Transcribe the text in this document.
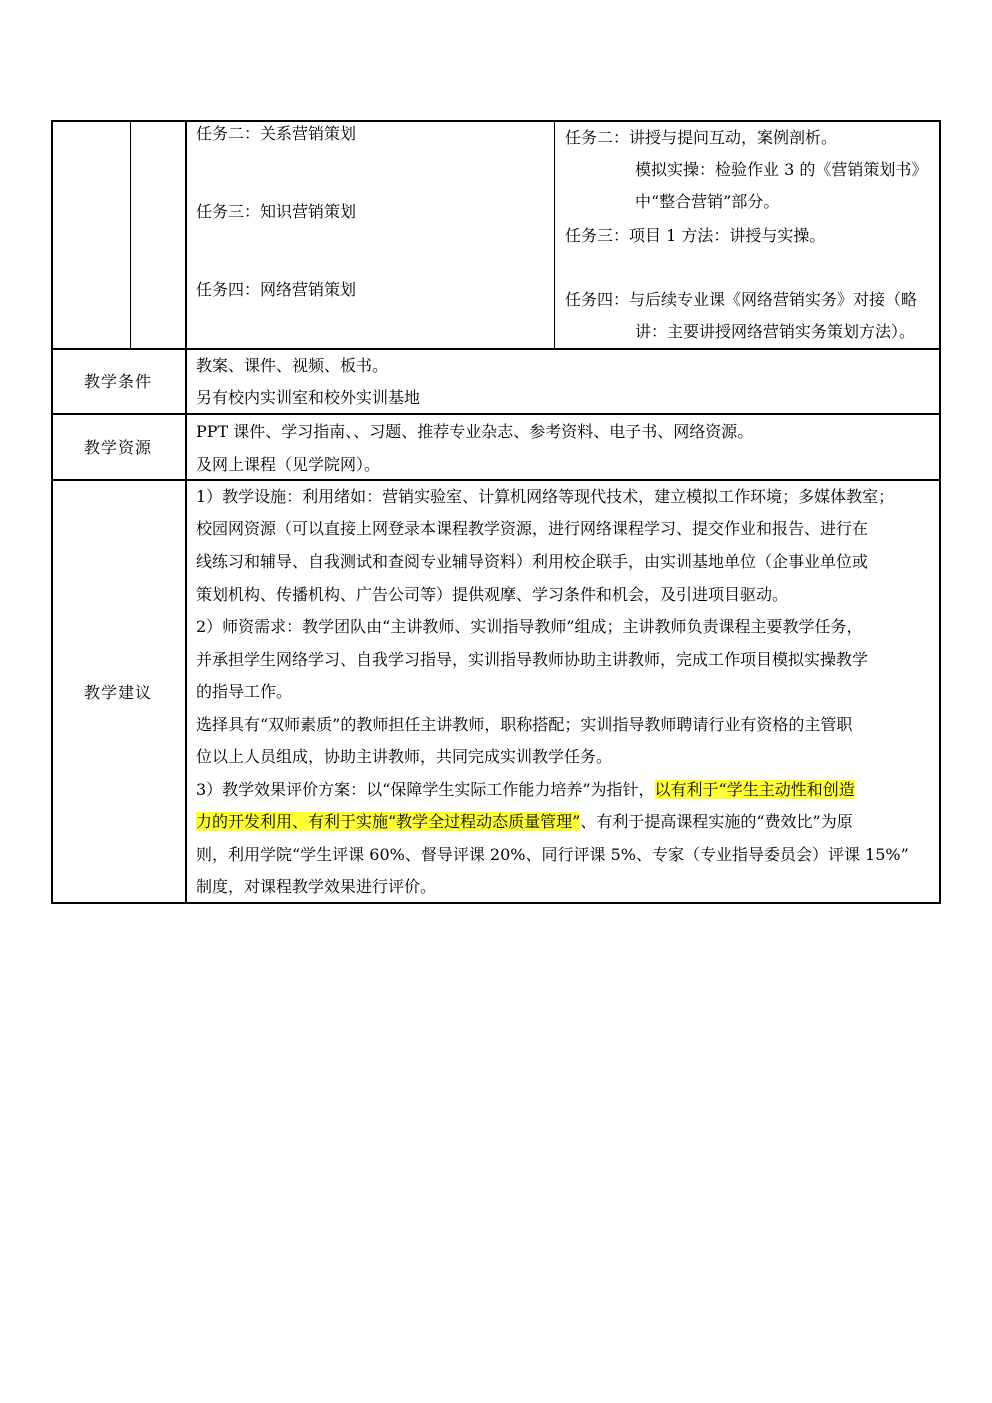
任务二：关系营销策划
任务三：知识营销策划
任务四：网络营销策划
任务二：讲授与提问互动，案例剖析。
模拟实操：检验作业 3 的《营销策划书》
中“整合营销”部分。
任务三：项目 1 方法：讲授与实操。
任务四：与后续专业课《网络营销实务》对接（略
讲：主要讲授网络营销实务策划方法）。
教学条件
教案、课件、视频、板书。
另有校内实训室和校外实训基地
教学资源
PPT 课件、学习指南、、习题、推荐专业杂志、参考资料、电子书、网络资源。
及网上课程（见学院网）。
教学建议
1）教学设施：利用绪如：营销实验室、计算机网络等现代技术，建立模拟工作环境；多媒体教室；
校园网资源（可以直接上网登录本课程教学资源，进行网络课程学习、提交作业和报告、进行在
线练习和辅导、自我测试和查阅专业辅导资料）利用校企联手，由实训基地单位（企事业单位或
策划机构、传播机构、广告公司等）提供观摩、学习条件和机会，及引进项目驱动。
2）师资需求：教学团队由“主讲教师、实训指导教师”组成；主讲教师负责课程主要教学任务，
并承担学生网络学习、自我学习指导，实训指导教师协助主讲教师，完成工作项目模拟实操教学
的指导工作。
选择具有“双师素质”的教师担任主讲教师，职称搭配；实训指导教师聘请行业有资格的主管职
位以上人员组成，协助主讲教师，共同完成实训教学任务。
3）教学效果评价方案：以“保障学生实际工作能力培养”为指针，以有利于“学生主动性和创造
力的开发利用、有利于实施“教学全过程动态质量管理”、有利于提高课程实施的“费效比”为原
则，利用学院“学生评课 60%、督导评课 20%、同行评课 5%、专家（专业指导委员会）评课 15%”
制度，对课程教学效果进行评价。
